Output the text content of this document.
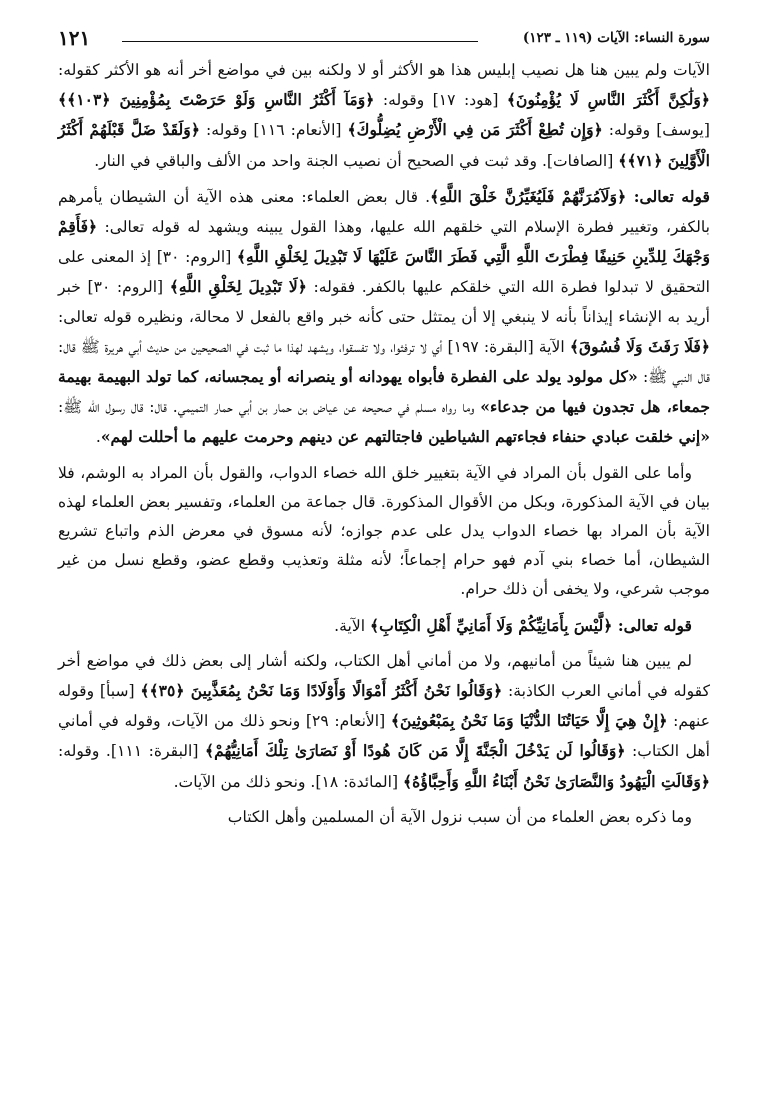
سورة النساء: الآيات (١١٩ ـ ١٢٣)
١٢١

الآيات ولم يبين هنا هل نصيب إبليس هذا هو الأكثر أو لا ولكنه بين في مواضع أخر أنه هو الأكثر كقوله: ﴿وَلَٰكِنَّ أَكْثَرَ النَّاسِ لَا يُؤْمِنُونَ﴾ [هود: ١٧] وقوله: ﴿وَمَآ أَكْثَرُ النَّاسِ وَلَوْ حَرَصْتَ بِمُؤْمِنِينَ ﴿١٠٣﴾﴾ [يوسف] وقوله: ﴿وَإِن تُطِعْ أَكْثَرَ مَن فِي الْأَرْضِ يُضِلُّوكَ﴾ [الأنعام: ١١٦] وقوله: ﴿وَلَقَدْ ضَلَّ قَبْلَهُمْ أَكْثَرُ الْأَوَّلِينَ ﴿٧١﴾﴾ [الصافات]. وقد ثبت في الصحيح أن نصيب الجنة واحد من الألف والباقي في النار.

قوله تعالى: ﴿وَلَآمُرَنَّهُمْ فَلَيُغَيِّرُنَّ خَلْقَ اللَّهِ﴾. قال بعض العلماء: معنى هذه الآية أن الشيطان يأمرهم بالكفر، وتغيير فطرة الإسلام التي خلقهم الله عليها، وهذا القول يبينه ويشهد له قوله تعالى: ﴿فَأَقِمْ وَجْهَكَ لِلدِّينِ حَنِيفًا فِطْرَتَ اللَّهِ الَّتِي فَطَرَ النَّاسَ عَلَيْهَا لَا تَبْدِيلَ لِخَلْقِ اللَّهِ﴾ [الروم: ٣٠] إذ المعنى على التحقيق لا تبدلوا فطرة الله التي خلقكم عليها بالكفر. فقوله: ﴿لَا تَبْدِيلَ لِخَلْقِ اللَّهِ﴾ [الروم: ٣٠] خبر أريد به الإنشاء إيذاناً بأنه لا ينبغي إلا أن يمتثل حتى كأنه خبر واقع بالفعل لا محالة، ونظيره قوله تعالى: ﴿فَلَا رَفَثَ وَلَا فُسُوقَ﴾ الآية [البقرة: ١٩٧] أي لا ترفثوا، ولا تفسقوا، ويشهد لهذا ما ثبت في الصحيحين من حديث أبي هريرة ﷺ قال: قال النبي ﷺ: «كل مولود يولد على الفطرة فأبواه يهودانه أو ينصرانه أو يمجسانه، كما تولد البهيمة بهيمة جمعاء، هل تجدون فيها من جدعاء» وما رواه مسلم في صحيحه عن عياض بن حمار بن أبي حمار التميمي. قال: قال رسول الله ﷺ: «إني خلقت عبادي حنفاء فجاءتهم الشياطين فاجتالتهم عن دينهم وحرمت عليهم ما أحللت لهم».

وأما على القول بأن المراد في الآية بتغيير خلق الله خصاء الدواب، والقول بأن المراد به الوشم، فلا بيان في الآية المذكورة، وبكل من الأقوال المذكورة. قال جماعة من العلماء، وتفسير بعض العلماء لهذه الآية بأن المراد بها خصاء الدواب يدل على عدم جوازه؛ لأنه مسوق في معرض الذم واتباع تشريع الشيطان، أما خصاء بني آدم فهو حرام إجماعاً؛ لأنه مثلة وتعذيب وقطع عضو، وقطع نسل من غير موجب شرعي، ولا يخفى أن ذلك حرام.

قوله تعالى: ﴿لَّيْسَ بِأَمَانِيِّكُمْ وَلَا أَمَانِيِّ أَهْلِ الْكِتَابِ﴾ الآية.

لم يبين هنا شيئاً من أمانيهم، ولا من أماني أهل الكتاب، ولكنه أشار إلى بعض ذلك في مواضع أخر كقوله في أماني العرب الكاذبة: ﴿وَقَالُوا نَحْنُ أَكْثَرُ أَمْوَالًا وَأَوْلَادًا وَمَا نَحْنُ بِمُعَذَّبِينَ ﴿٣٥﴾﴾ [سبأ] وقوله عنهم: ﴿إِنْ هِيَ إِلَّا حَيَاتُنَا الدُّنْيَا وَمَا نَحْنُ بِمَبْعُوثِينَ﴾ [الأنعام: ٢٩] ونحو ذلك من الآيات، وقوله في أماني أهل الكتاب: ﴿وَقَالُوا لَن يَدْخُلَ الْجَنَّةَ إِلَّا مَن كَانَ هُودًا أَوْ نَصَارَىٰ تِلْكَ أَمَانِيُّهُمْ﴾ [البقرة: ١١١]. وقوله: ﴿وَقَالَتِ الْيَهُودُ وَالنَّصَارَىٰ نَحْنُ أَبْنَاءُ اللَّهِ وَأَحِبَّاؤُهُ﴾ [المائدة: ١٨]. ونحو ذلك من الآيات.

وما ذكره بعض العلماء من أن سبب نزول الآية أن المسلمين وأهل الكتاب
